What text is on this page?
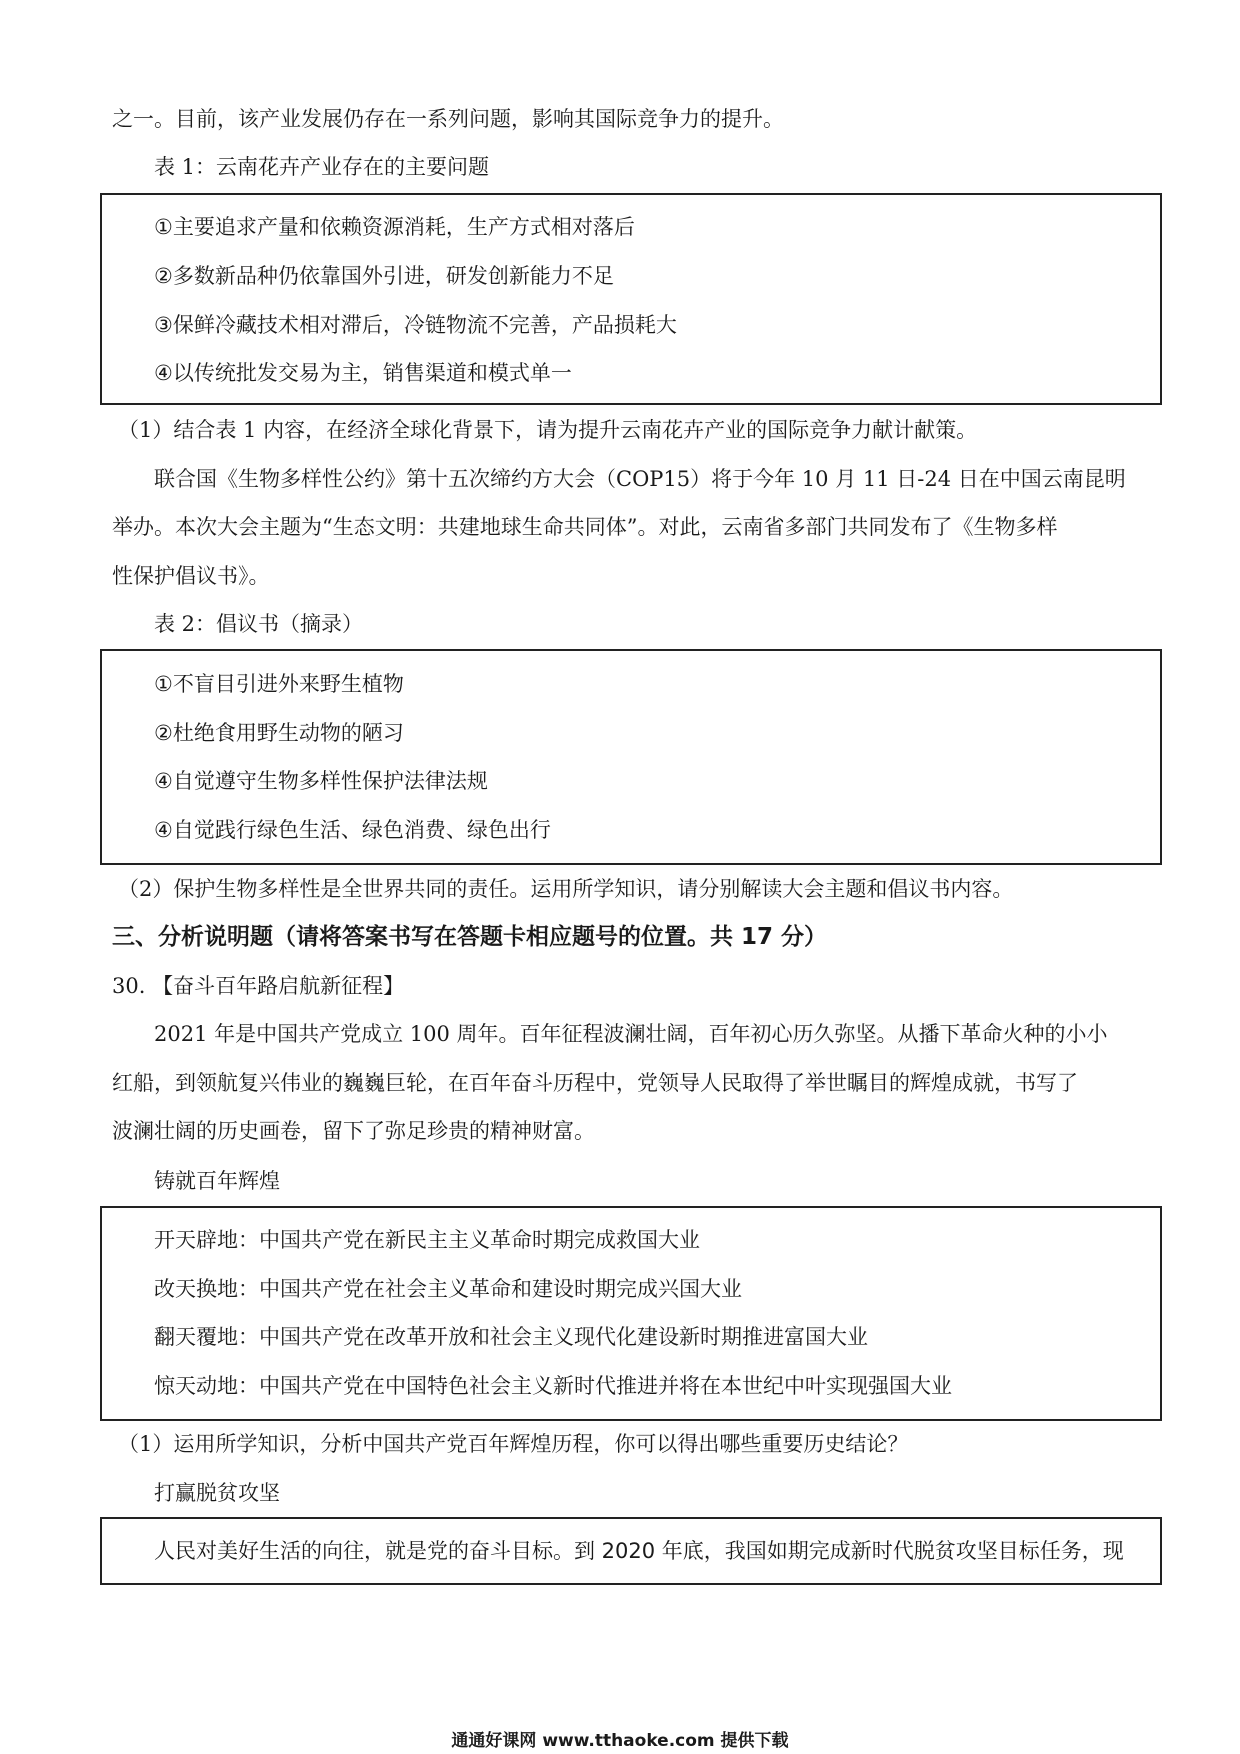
之一。目前，该产业发展仍存在一系列问题，影响其国际竞争力的提升。
表 1：云南花卉产业存在的主要问题
①主要追求产量和依赖资源消耗，生产方式相对落后
②多数新品种仍依靠国外引进，研发创新能力不足
③保鲜冷藏技术相对滞后，冷链物流不完善，产品损耗大
④以传统批发交易为主，销售渠道和模式单一
（1）结合表 1 内容，在经济全球化背景下，请为提升云南花卉产业的国际竞争力献计献策。
联合国《生物多样性公约》第十五次缔约方大会（COP15）将于今年 10 月 11 日-24 日在中国云南昆明
举办。本次大会主题为“生态文明：共建地球生命共同体”。对此，云南省多部门共同发布了《生物多样
性保护倡议书》。
表 2：倡议书（摘录）
①不盲目引进外来野生植物
②杜绝食用野生动物的陋习
④自觉遵守生物多样性保护法律法规
④自觉践行绿色生活、绿色消费、绿色出行
（2）保护生物多样性是全世界共同的责任。运用所学知识，请分别解读大会主题和倡议书内容。
三、分析说明题（请将答案书写在答题卡相应题号的位置。共 17 分）
30. 【奋斗百年路启航新征程】
2021 年是中国共产党成立 100 周年。百年征程波澜壮阔，百年初心历久弥坚。从播下革命火种的小小
红船，到领航复兴伟业的巍巍巨轮，在百年奋斗历程中，党领导人民取得了举世瞩目的辉煌成就，书写了
波澜壮阔的历史画卷，留下了弥足珍贵的精神财富。
铸就百年辉煌
开天辟地：中国共产党在新民主主义革命时期完成救国大业
改天换地：中国共产党在社会主义革命和建设时期完成兴国大业
翻天覆地：中国共产党在改革开放和社会主义现代化建设新时期推进富国大业
惊天动地：中国共产党在中国特色社会主义新时代推进并将在本世纪中叶实现强国大业
（1）运用所学知识，分析中国共产党百年辉煌历程，你可以得出哪些重要历史结论？
打赢脱贫攻坚
人民对美好生活的向往，就是党的奋斗目标。到 2020 年底，我国如期完成新时代脱贫攻坚目标任务，现
通通好课网 www.tthaoke.com 提供下载
